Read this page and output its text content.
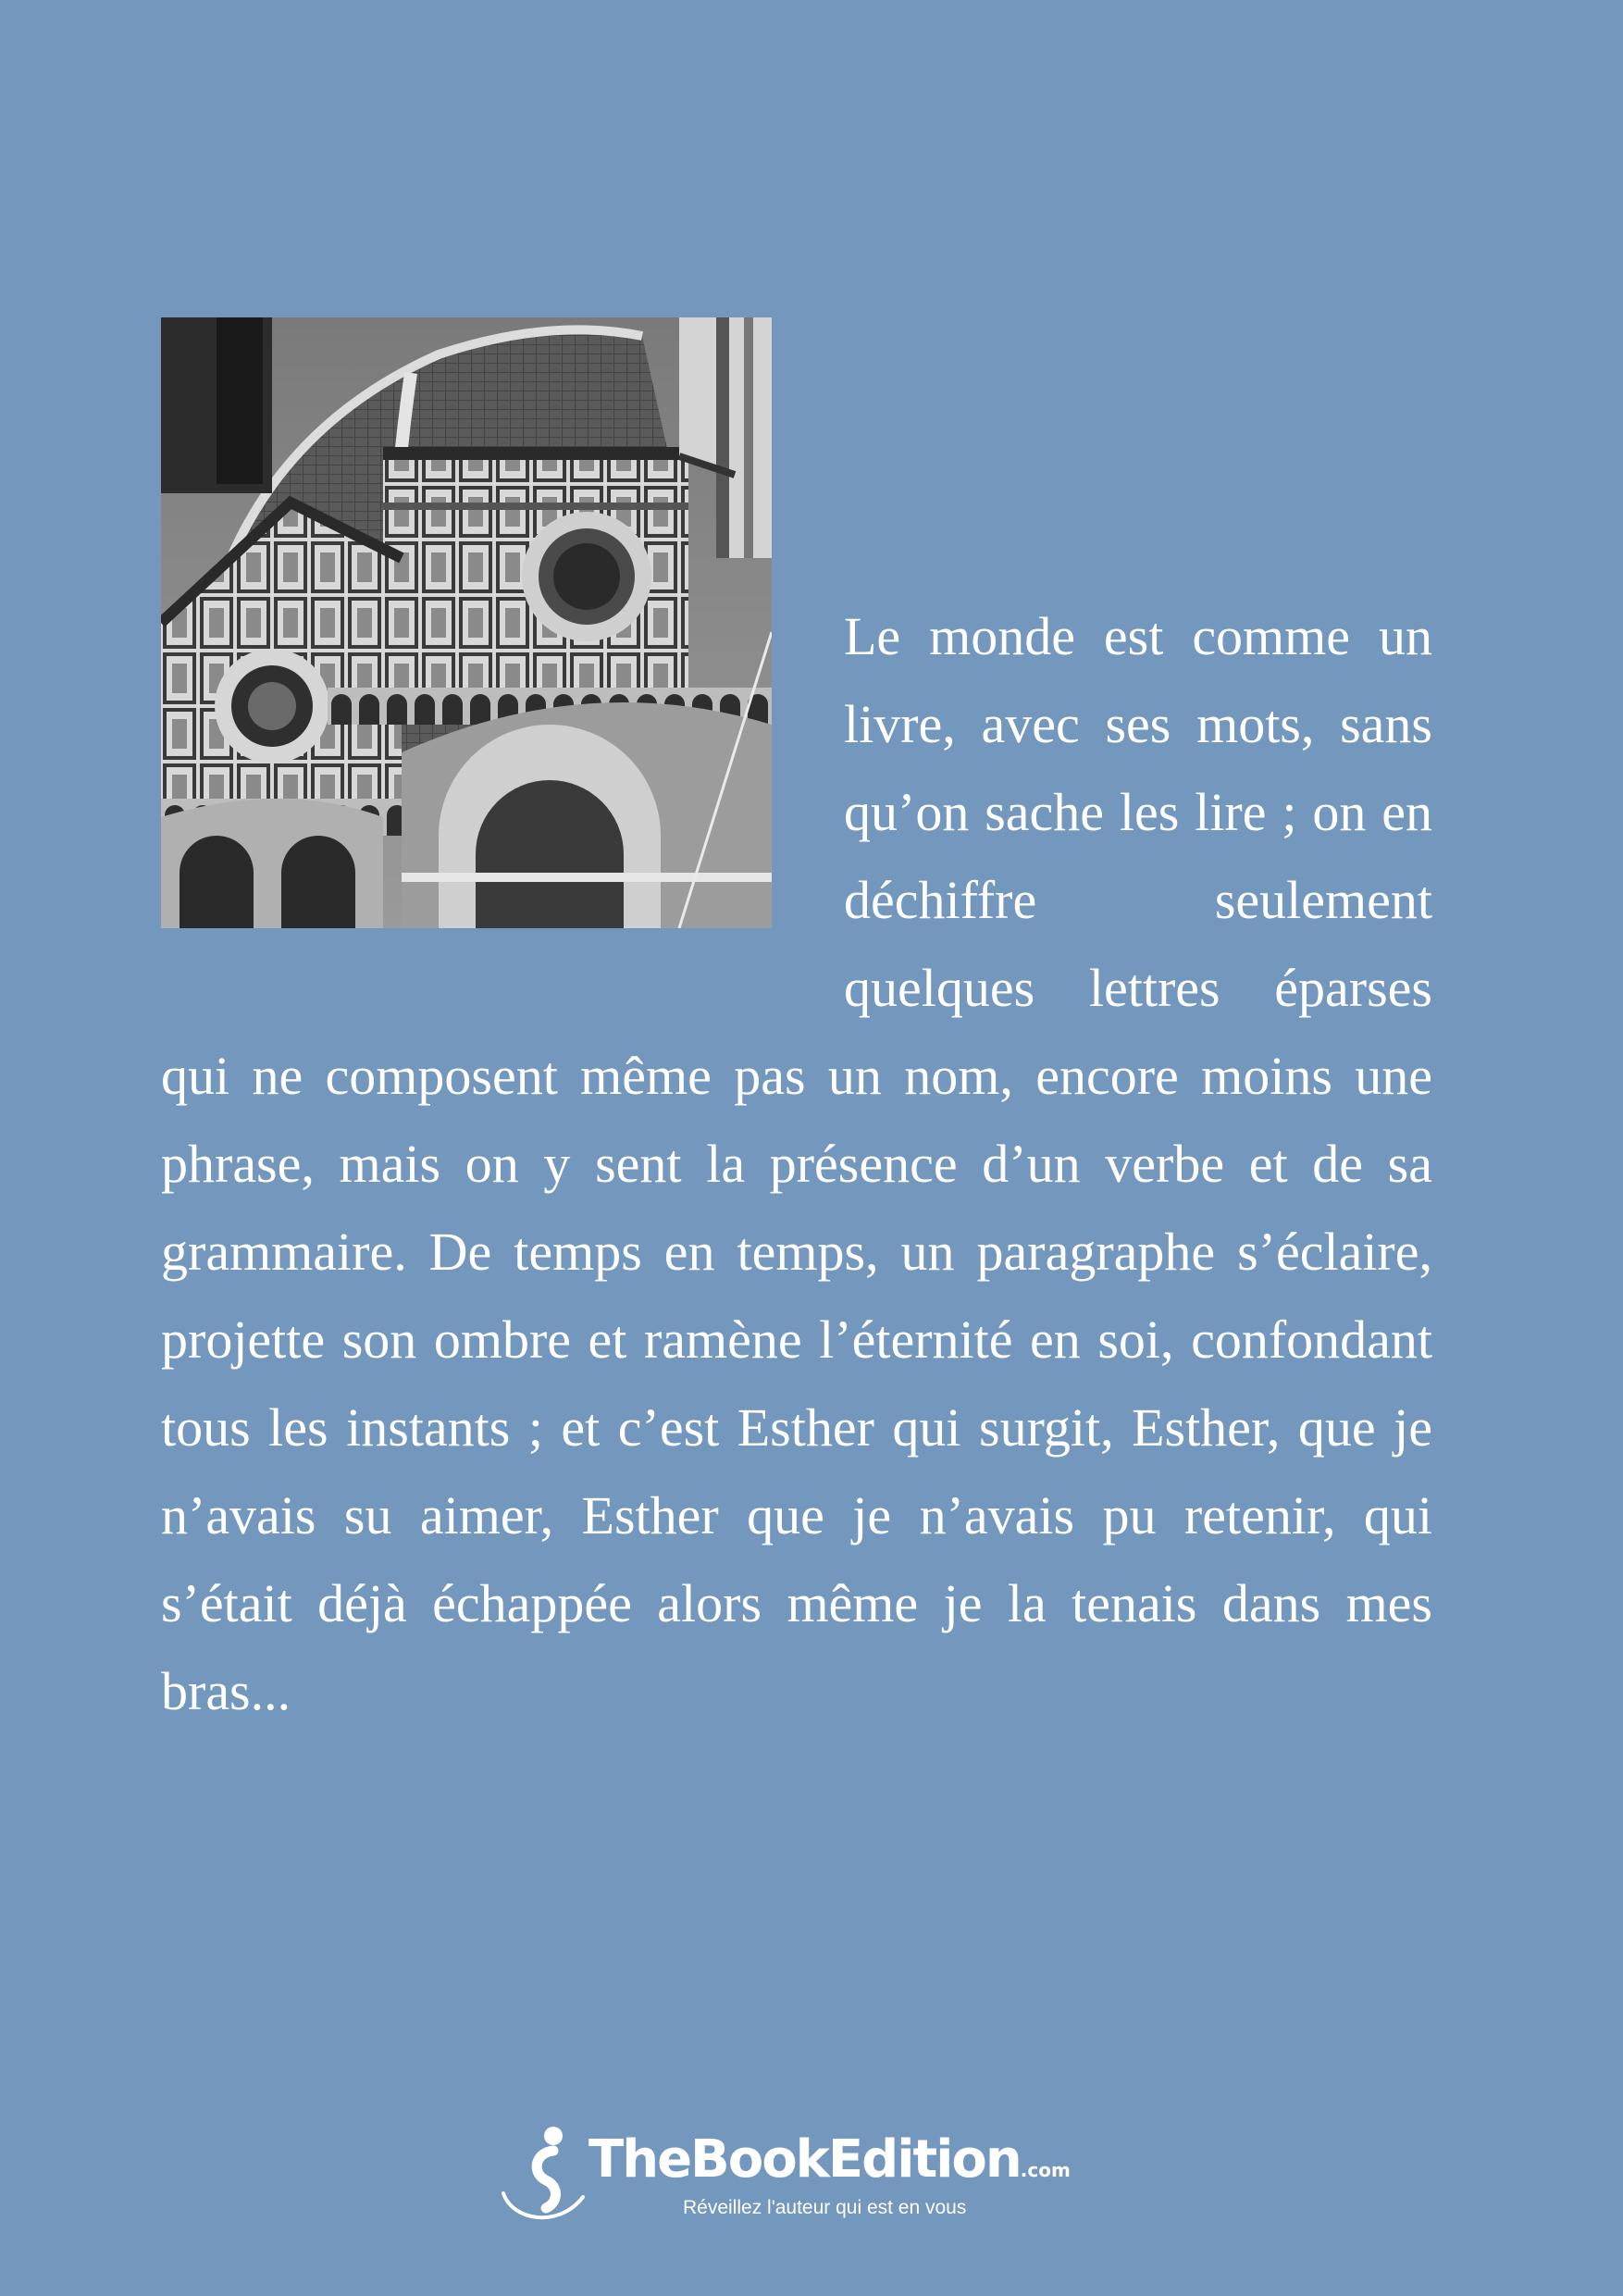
Le monde est comme un livre, avec ses mots, sans qu’on sache les lire ; on en déchiffre seulement quelques lettres éparses qui ne composent même pas un nom, encore moins une phrase, mais on y sent la présence d’un verbe et de sa grammaire. De temps en temps, un paragraphe s’éclaire, projette son ombre et ramène l’éternité en soi, confondant tous les instants ; et c’est Esther qui surgit, Esther, que je n’avais su aimer, Esther que je n’avais pu retenir, qui s’était déjà échappée alors même je la tenais dans mes bras...

TheBookEdition.com
Réveillez l'auteur qui est en vous
